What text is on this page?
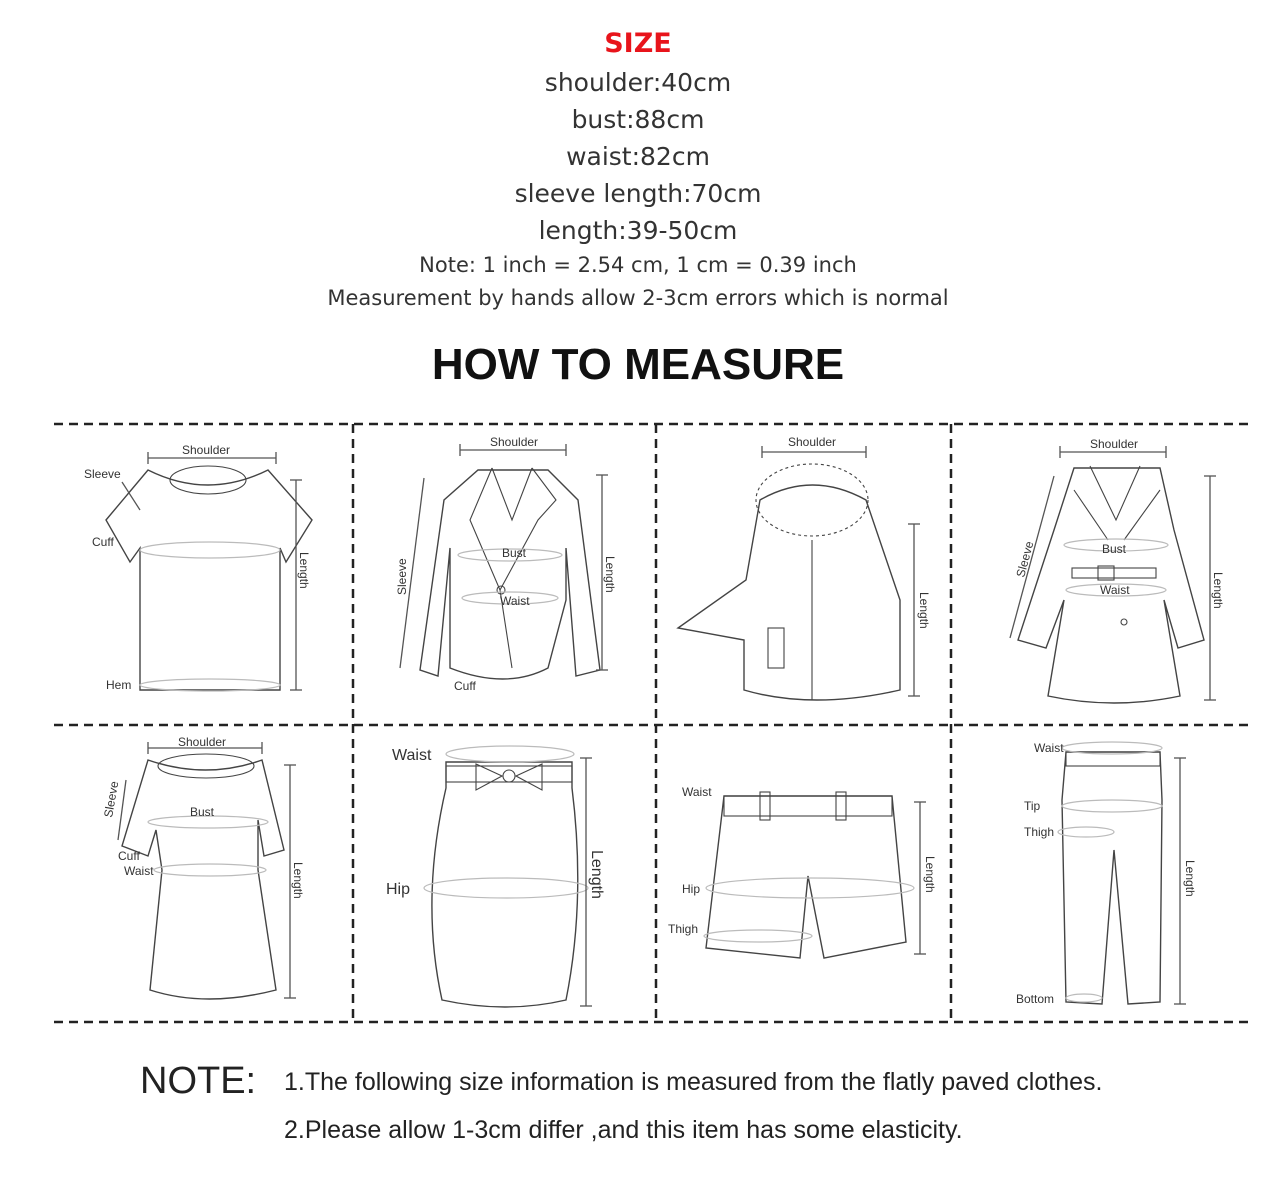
SIZE
shoulder:40cm
bust:88cm
waist:82cm
sleeve length:70cm
length:39-50cm
Note: 1 inch = 2.54 cm, 1 cm = 0.39 inch
Measurement by hands allow 2-3cm errors which is normal
HOW TO MEASURE
Shoulder
Sleeve
Cuff
Hem
Length
Shoulder
Bust
Waist
Cuff
Sleeve	Length
Shoulder
Length
Shoulder
Bust
Waist
Sleeve
Length
Shoulder
Bust
Cuff
Waist
Sleeve
Length
Waist
Hip	Length
Waist
Hip
Thigh
Length
Waist
Tip
Thigh
Bottom
Length
NOTE: 1.The following size information is measured from the flatly paved clothes.
2.Please allow 1-3cm differ ,and this item has some elasticity.
